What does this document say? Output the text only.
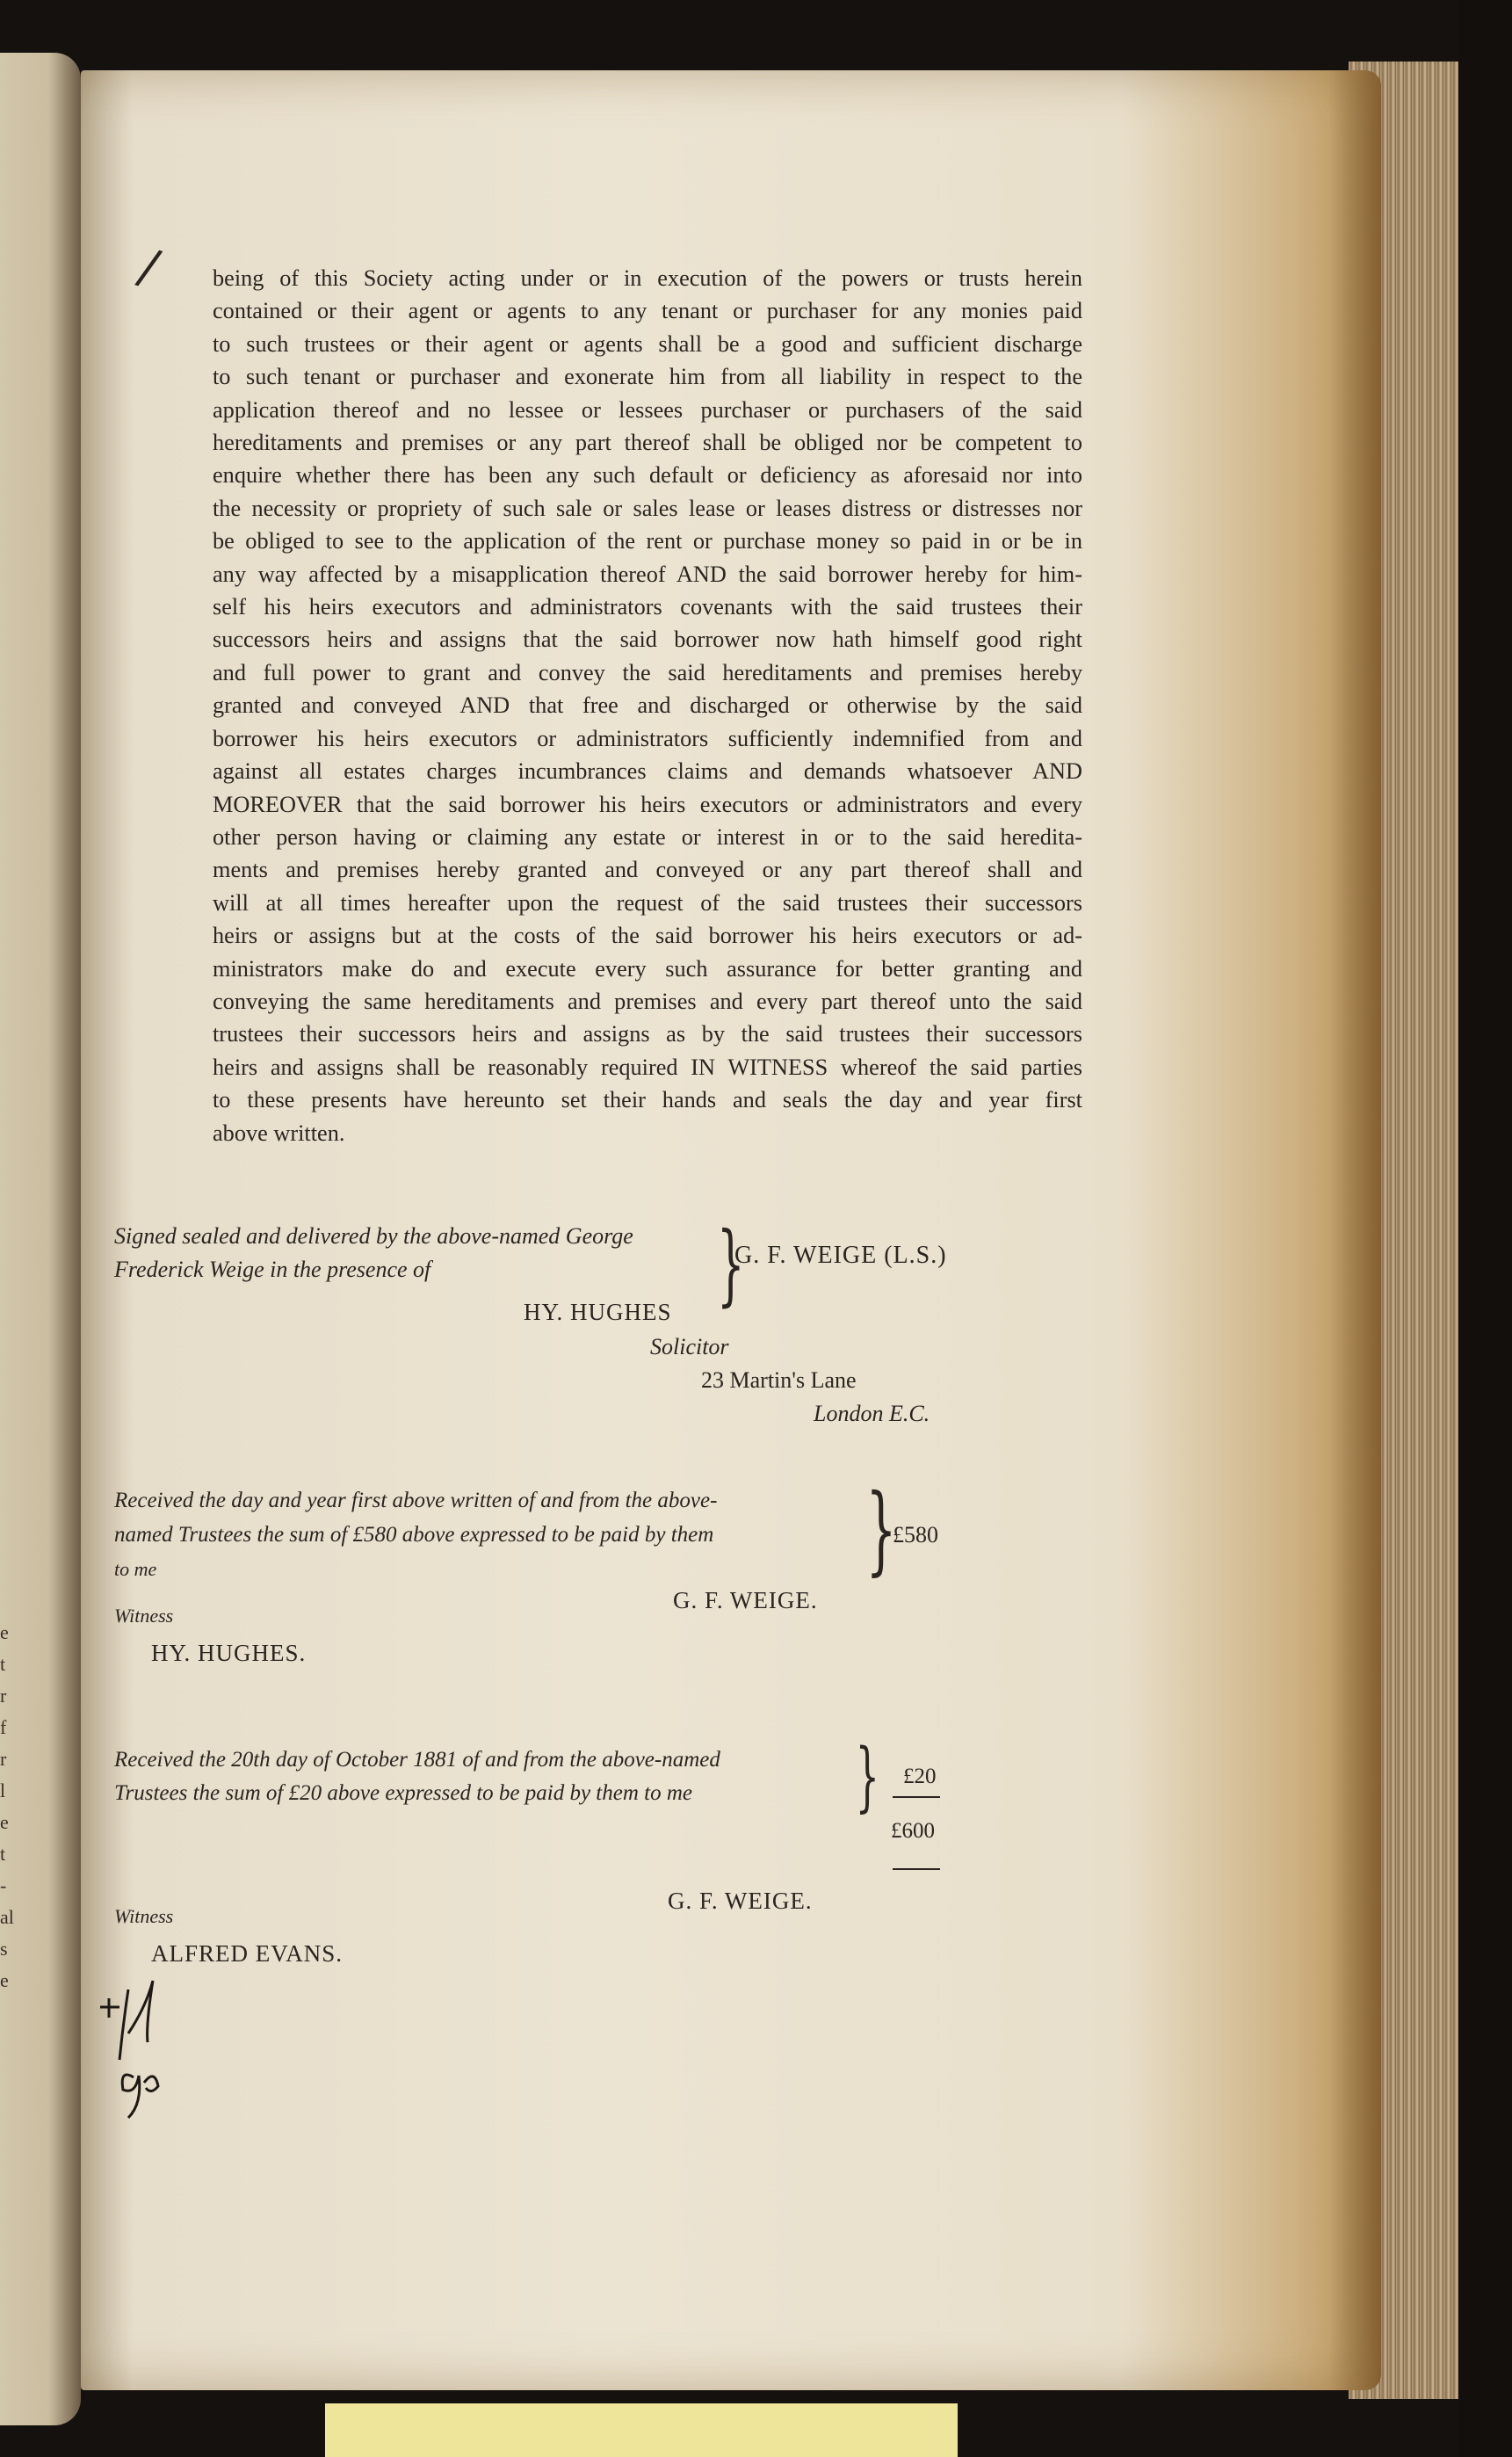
e
t
r
f
r
l
e
t
-
al
s
e
/ being of this Society acting under or in execution of the powers or trusts herein
contained or their agent or agents to any tenant or purchaser for any monies paid
to such trustees or their agent or agents shall be a good and sufficient discharge
to such tenant or purchaser and exonerate him from all liability in respect to the
application thereof and no lessee or lessees purchaser or purchasers of the said
hereditaments and premises or any part thereof shall be obliged nor be competent to
enquire whether there has been any such default or deficiency as aforesaid nor into
the necessity or propriety of such sale or sales lease or leases distress or distresses nor
be obliged to see to the application of the rent or purchase money so paid in or be in
any way affected by a misapplication thereof AND the said borrower hereby for him-
self his heirs executors and administrators covenants with the said trustees their
successors heirs and assigns that the said borrower now hath himself good right
and full power to grant and convey the said hereditaments and premises hereby
granted and conveyed AND that free and discharged or otherwise by the said
borrower his heirs executors or administrators sufficiently indemnified from and
against all estates charges incumbrances claims and demands whatsoever AND
MOREOVER that the said borrower his heirs executors or administrators and every
other person having or claiming any estate or interest in or to the said heredita-
ments and premises hereby granted and conveyed or any part thereof shall and
will at all times hereafter upon the request of the said trustees their successors
heirs or assigns but at the costs of the said borrower his heirs executors or ad-
ministrators make do and execute every such assurance for better granting and
conveying the same hereditaments and premises and every part thereof unto the said
trustees their successors heirs and assigns as by the said trustees their successors
heirs and assigns shall be reasonably required IN WITNESS whereof the said parties
to these presents have hereunto set their hands and seals the day and year first
above written.
Signed sealed and delivered by the above-named George
Frederick Weige in the presence of	}
G. F. WEIGE (L.S.)
HY. HUGHES
Solicitor
23 Martin's Lane
London E.C.
Received the day and year first above written of and from the above-
named Trustees the sum of £580 above expressed to be paid by them
to me	}
£580
G. F. WEIGE.
Witness
HY. HUGHES.
Received the 20th day of October 1881 of and from the above-named
Trustees the sum of £20 above expressed to be paid by them to me	} £20
£600
G. F. WEIGE.
Witness
ALFRED EVANS.
